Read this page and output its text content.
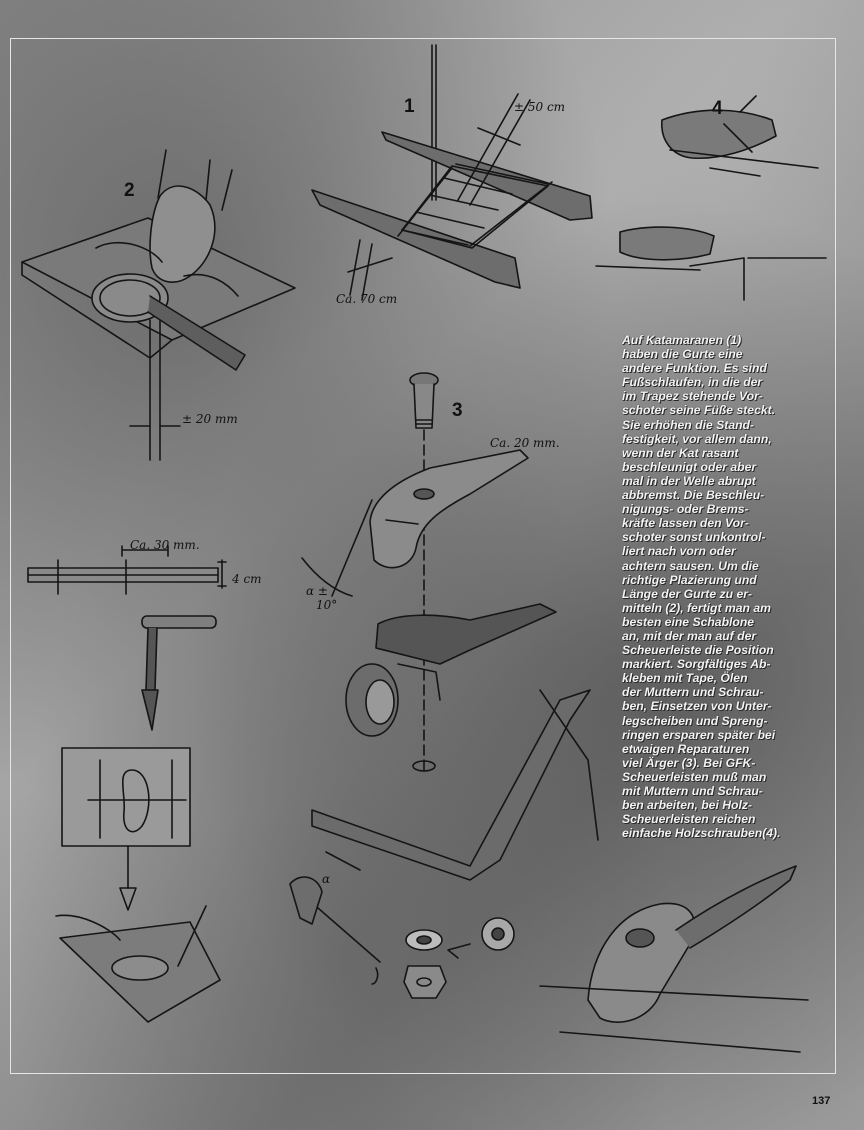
1
2
3
4
± 50 cm
Ca. 70 cm
± 20 mm
Ca. 30 mm.
4 cm
Ca. 20 mm.
α ±
10°
α
Auf Katamaranen (1)
haben die Gurte eine
andere Funktion. Es sind
Fußschlaufen, in die der
im Trapez stehende Vor-
schoter seine Füße steckt.
Sie erhöhen die Stand-
festigkeit, vor allem dann,
wenn der Kat rasant
beschleunigt oder aber
mal in der Welle abrupt
abbremst. Die Beschleu-
nigungs- oder Brems-
kräfte lassen den Vor-
schoter sonst unkontrol-
liert nach vorn oder
achtern sausen. Um die
richtige Plazierung und
Länge der Gurte zu er-
mitteln (2), fertigt man am
besten eine Schablone
an, mit der man auf der
Scheuerleiste die Position
markiert. Sorgfältiges Ab-
kleben mit Tape, Ölen
der Muttern und Schrau-
ben, Einsetzen von Unter-
legscheiben und Spreng-
ringen ersparen später bei
etwaigen Reparaturen
viel Ärger (3). Bei GFK-
Scheuerleisten muß man
mit Muttern und Schrau-
ben arbeiten, bei Holz-
Scheuerleisten reichen
einfache Holzschrauben(4).
137
